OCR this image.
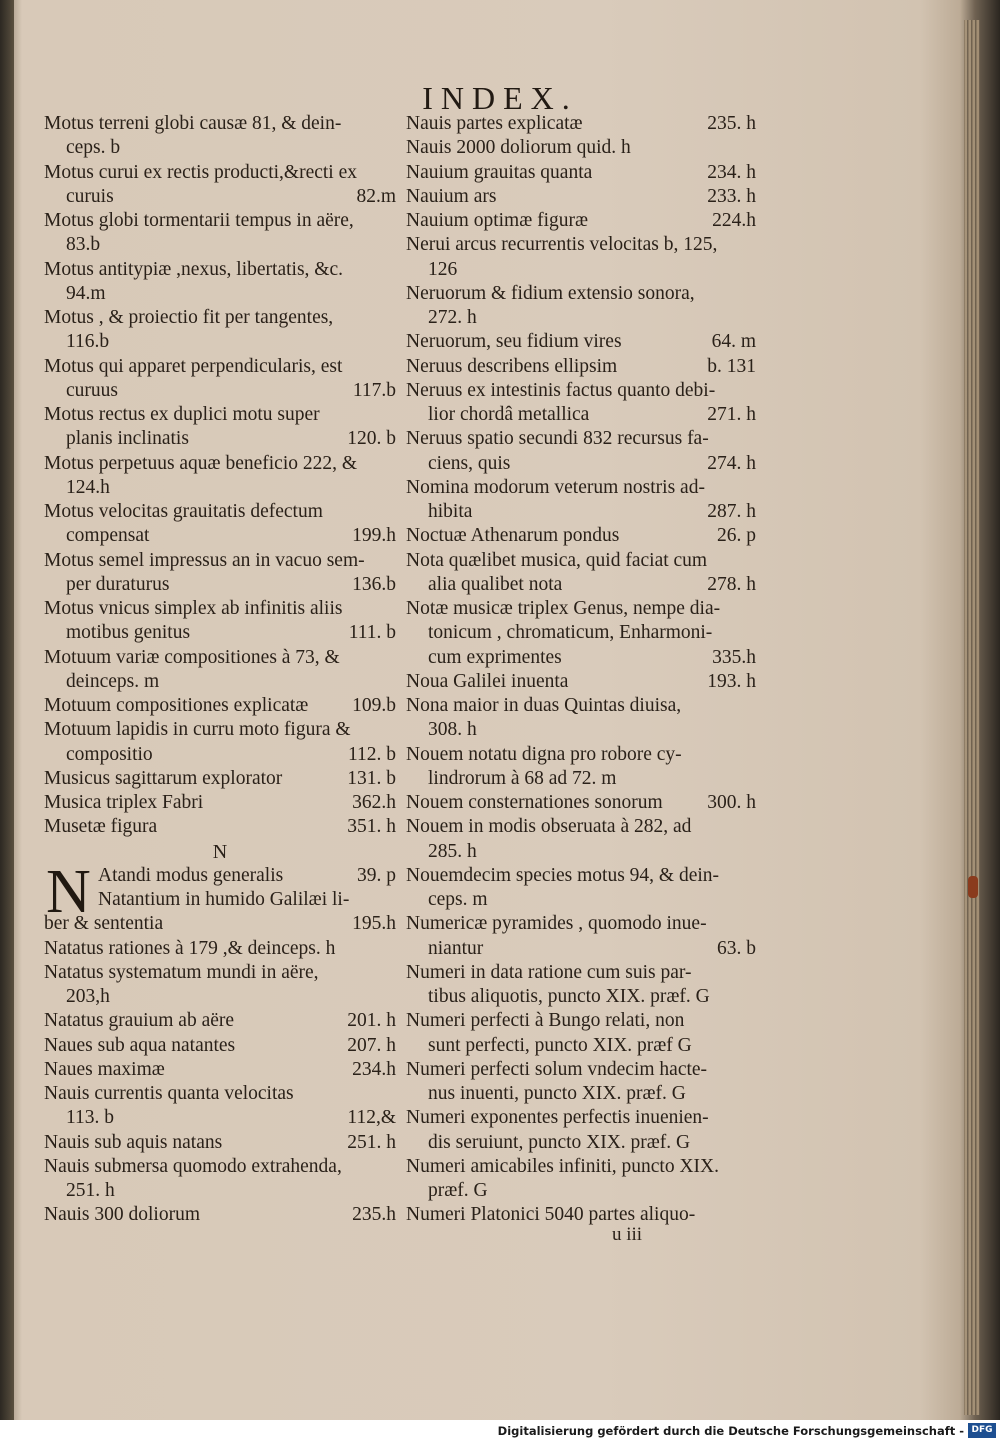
INDEX.
Motus terreni globi causæ 81, & dein-
ceps. b
Motus curui ex rectis producti,&recti ex
curuis	82.m
Motus globi tormentarii tempus in aëre,
83.b
Motus antitypiæ ,nexus, libertatis, &c.
94.m
Motus , & proiectio fit per tangentes,
116.b
Motus qui apparet perpendicularis, est
curuus	117.b
Motus rectus ex duplici motu super
planis inclinatis	120. b
Motus perpetuus aquæ beneficio 222, &
124.h
Motus velocitas grauitatis defectum
compensat	199.h
Motus semel impressus an in vacuo sem-
per duraturus	136.b
Motus vnicus simplex ab infinitis aliis
motibus genitus	111. b
Motuum variæ compositiones à 73, &
deinceps. m
Motuum compositiones explicatæ	109.b
Motuum lapidis in curru moto figura &
compositio	112. b
Musicus sagittarum explorator	131. b
Musica triplex Fabri	362.h
Musetæ figura	351. h
N
N Atandi modus generalis	39. p
Natantium in humido Galilæi li-
ber & sententia	195.h
Natatus rationes à 179 ,& deinceps. h
Natatus systematum mundi in aëre,
203,h
Natatus grauium ab aëre	201. h
Naues sub aqua natantes	207. h
Naues maximæ	234.h
Nauis currentis quanta velocitas
113. b	112,&
Nauis sub aquis natans	251. h
Nauis submersa quomodo extrahenda,
251. h
Nauis 300 doliorum	235.h
Nauis partes explicatæ	235. h
Nauis 2000 doliorum quid. h
Nauium grauitas quanta	234. h
Nauium ars	233. h
Nauium optimæ figuræ	224.h
Nerui arcus recurrentis velocitas b, 125,
126
Neruorum & fidium extensio sonora,
272. h
Neruorum, seu fidium vires	64. m
Neruus describens ellipsim	b. 131
Neruus ex intestinis factus quanto debi-
lior chordâ metallica	271. h
Neruus spatio secundi 832 recursus fa-
ciens, quis	274. h
Nomina modorum veterum nostris ad-
hibita	287. h
Noctuæ Athenarum pondus	26. p
Nota quælibet musica, quid faciat cum
alia qualibet nota	278. h
Notæ musicæ triplex Genus, nempe dia-
tonicum , chromaticum, Enharmoni-
cum exprimentes	335.h
Noua Galilei inuenta	193. h
Nona maior in duas Quintas diuisa,
308. h
Nouem notatu digna pro robore cy-
lindrorum à 68 ad 72. m
Nouem consternationes sonorum	300. h
Nouem in modis obseruata à 282, ad
285. h
Nouemdecim species motus 94, & dein-
ceps. m
Numericæ pyramides , quomodo inue-
niantur	63. b
Numeri in data ratione cum suis par-
tibus aliquotis, puncto XIX. præf. G
Numeri perfecti à Bungo relati, non
sunt perfecti, puncto XIX. præf G
Numeri perfecti solum vndecim hacte-
nus inuenti, puncto XIX. præf. G
Numeri exponentes perfectis inuenien-
dis seruiunt, puncto XIX. præf. G
Numeri amicabiles infiniti, puncto XIX.
præf. G
Numeri Platonici 5040 partes aliquo-
u iii
Digitalisierung gefördert durch die Deutsche Forschungsgemeinschaft - DFG
